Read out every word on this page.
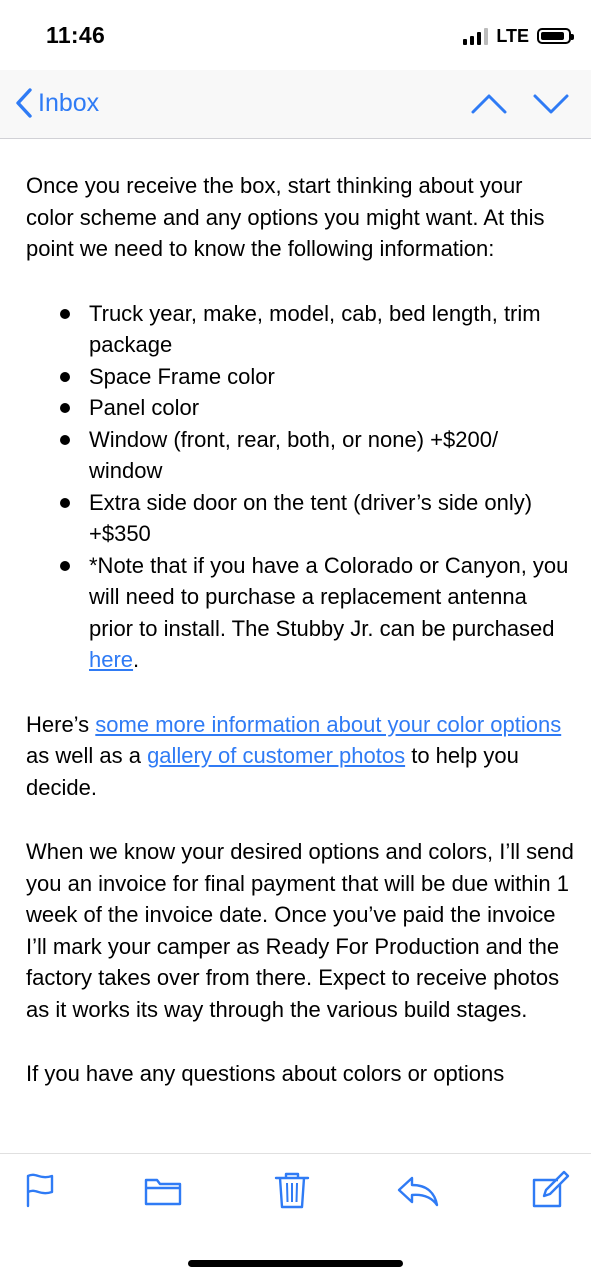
11:46	LTE
Inbox

Once you receive the box, start thinking about your color scheme and any options you might want. At this point we need to know the following information:

Truck year, make, model, cab, bed length, trim package
Space Frame color
Panel color
Window (front, rear, both, or none) +$200/ window
Extra side door on the tent (driver’s side only) +$350
*Note that if you have a Colorado or Canyon, you will need to purchase a replacement antenna prior to install. The Stubby Jr. can be purchased here.

Here’s some more information about your color options as well as a gallery of customer photos to help you decide.

When we know your desired options and colors, I’ll send you an invoice for final payment that will be due within 1 week of the invoice date. Once you’ve paid the invoice I’ll mark your camper as Ready For Production and the factory takes over from there. Expect to receive photos as it works its way through the various build stages.

If you have any questions about colors or options
